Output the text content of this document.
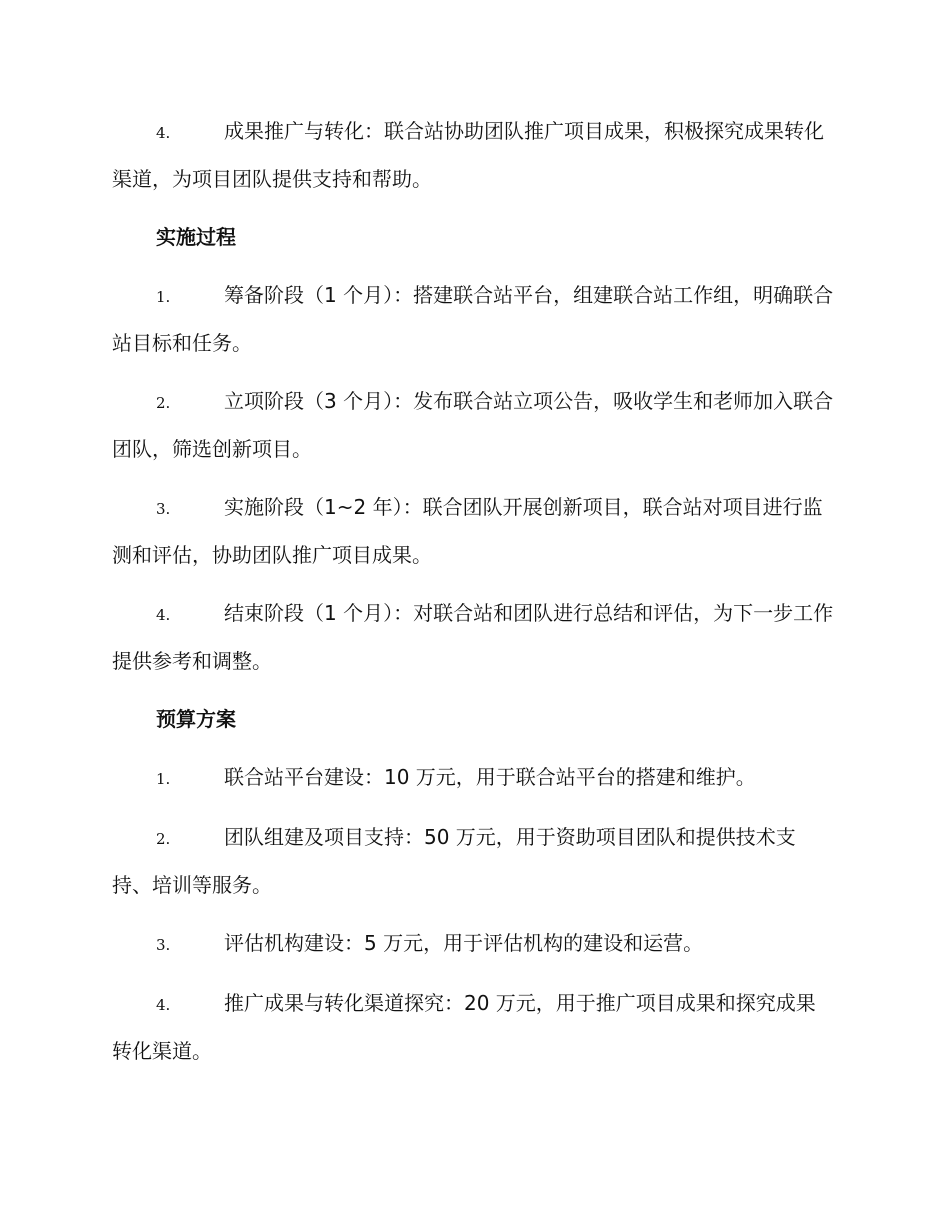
4.	成果推广与转化：联合站协助团队推广项目成果，积极探究成果转化渠道，为项目团队提供支持和帮助。

实施过程

1.	筹备阶段（1 个月）：搭建联合站平台，组建联合站工作组，明确联合站目标和任务。

2.	立项阶段（3 个月）：发布联合站立项公告，吸收学生和老师加入联合团队，筛选创新项目。

3.	实施阶段（1~2 年）：联合团队开展创新项目，联合站对项目进行监测和评估，协助团队推广项目成果。

4.	结束阶段（1 个月）：对联合站和团队进行总结和评估，为下一步工作提供参考和调整。

预算方案

1.	联合站平台建设：10 万元，用于联合站平台的搭建和维护。

2.	团队组建及项目支持：50 万元，用于资助项目团队和提供技术支持、培训等服务。

3.	评估机构建设：5 万元，用于评估机构的建设和运营。

4.	推广成果与转化渠道探究：20 万元，用于推广项目成果和探究成果转化渠道。
